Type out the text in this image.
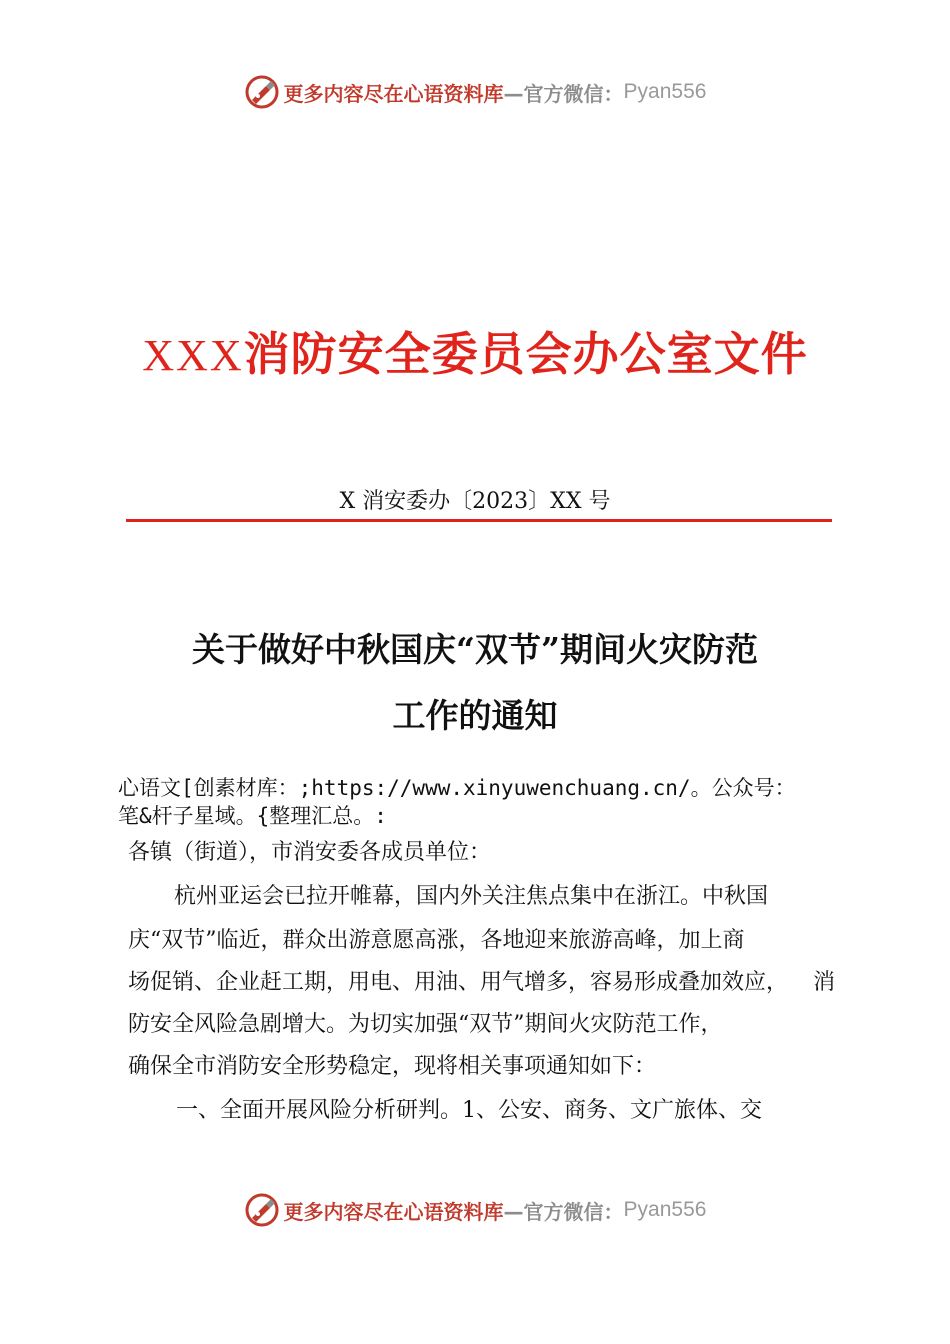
更多内容尽在心语资料库 —官方微信： Pyan556
XXX消防安全委员会办公室文件
X 消安委办〔2023〕XX 号
关于做好中秋国庆“双节”期间火灾防范
工作的通知
心语文[创素材库：;https://www.xinyuwenchuang.cn/。公众号：
笔&杆子星域。{整理汇总。:
各镇（街道），市消安委各成员单位：
杭州亚运会已拉开帷幕，国内外关注焦点集中在浙江。中秋国
庆“双节”临近，群众出游意愿高涨，各地迎来旅游高峰，加上商
场促销、企业赶工期，用电、用油、用气增多，容易形成叠加效应， 消
防安全风险急剧增大。为切实加强“双节”期间火灾防范工作，
确保全市消防安全形势稳定，现将相关事项通知如下：
一、全面开展风险分析研判。1、公安、商务、文广旅体、交
更多内容尽在心语资料库 —官方微信： Pyan556
